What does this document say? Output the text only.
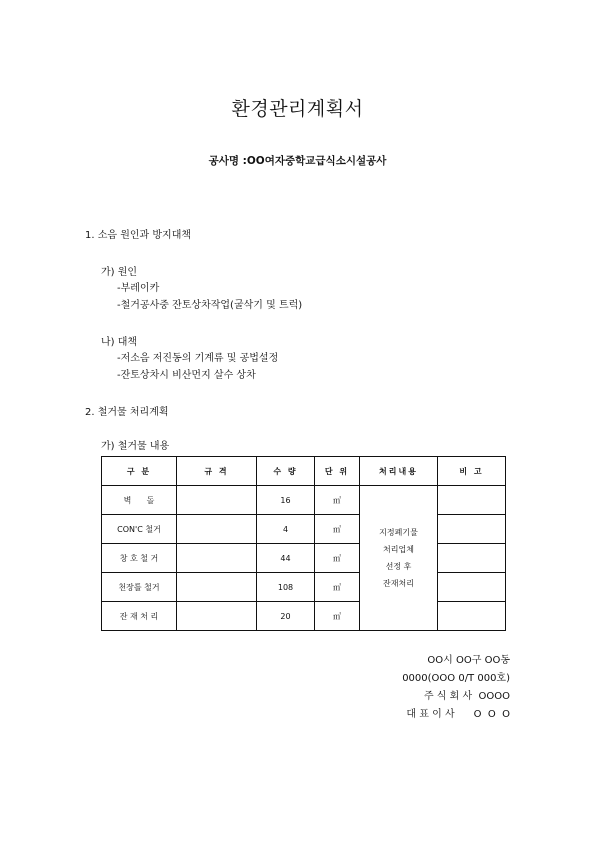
환경관리계획서
공사명 :OO여자중학교급식소시설공사
1. 소음 원인과 방지대책
가) 원인
-부레이카
-철거공사중 잔토상차작업(굴삭기 및 트럭)
나) 대책
-저소음 저진동의 기계류 및 공법설정
-잔토상차시 비산먼지 살수 상차
2. 철거물 처리계획
가) 철거물 내용
구 분	규 격	수 량	단 위	처리내용	비 고
벽      돌		16	㎥	지정폐기물
처리업체
선정 후
잔재처리	

CON'C 철거		4	㎥		
창 호 철 거		44	㎥		
천장틀 철거		108	㎥		
잔 재 처 리		20	㎥		
OO시 OO구 OO동
0000(OOO 0/T 000호)
주 식 회 사  OOOO
대 표 이 사      O  O  O
